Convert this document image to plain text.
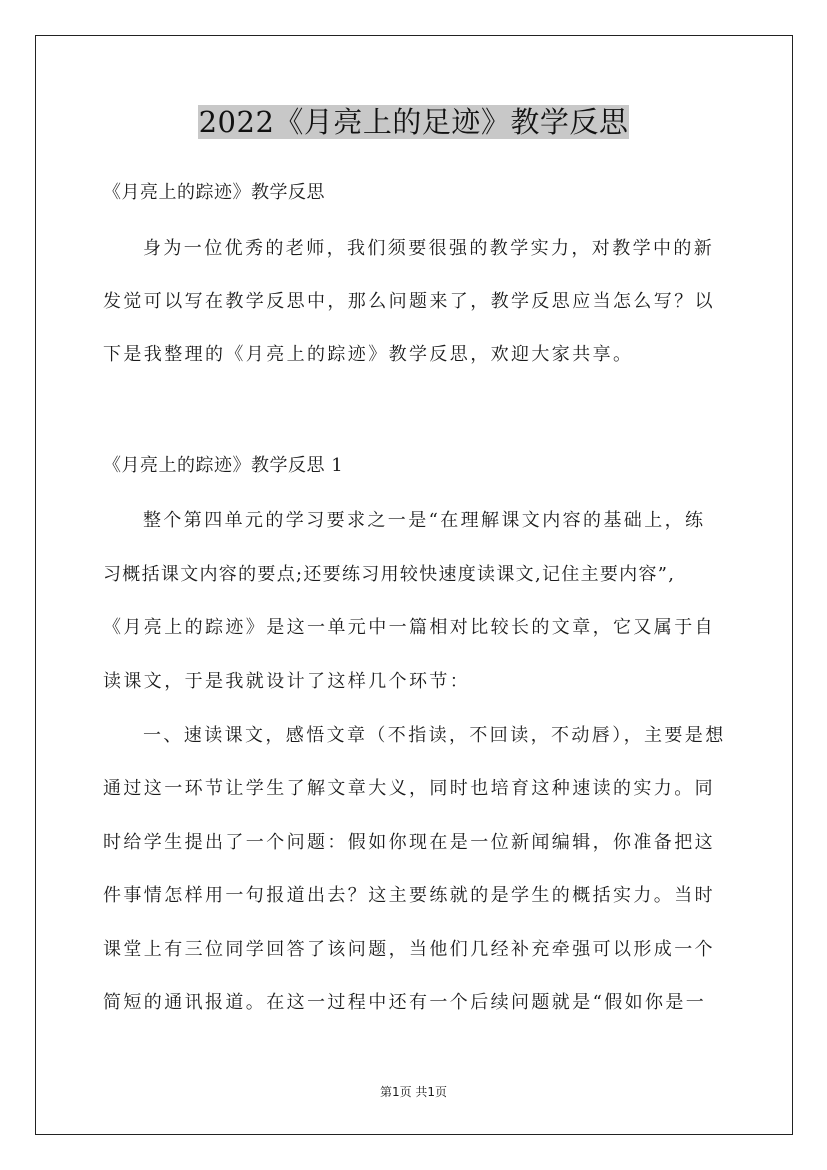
2022《月亮上的足迹》教学反思
《月亮上的踪迹》教学反思
身为一位优秀的老师，我们须要很强的教学实力，对教学中的新
发觉可以写在教学反思中，那么问题来了，教学反思应当怎么写？以
下是我整理的《月亮上的踪迹》教学反思，欢迎大家共享。
《月亮上的踪迹》教学反思 1
整个第四单元的学习要求之一是“在理解课文内容的基础上，练
习概括课文内容的要点;还要练习用较快速度读课文,记住主要内容”,
《月亮上的踪迹》是这一单元中一篇相对比较长的文章，它又属于自
读课文，于是我就设计了这样几个环节：
一、速读课文，感悟文章（不指读，不回读，不动唇），主要是想
通过这一环节让学生了解文章大义，同时也培育这种速读的实力。同
时给学生提出了一个问题：假如你现在是一位新闻编辑，你准备把这
件事情怎样用一句报道出去？这主要练就的是学生的概括实力。当时
课堂上有三位同学回答了该问题，当他们几经补充牵强可以形成一个
简短的通讯报道。在这一过程中还有一个后续问题就是“假如你是一
第1页 共1页
